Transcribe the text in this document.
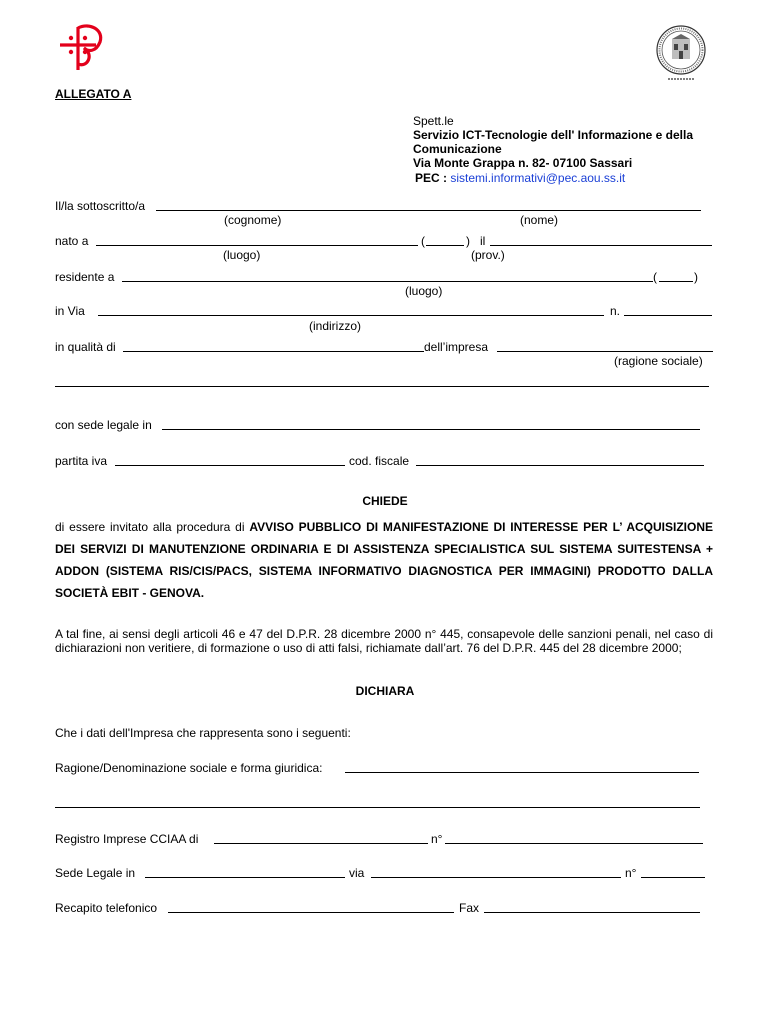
ALLEGATO A
Spett.le
Servizio ICT-Tecnologie dell' Informazione e della
Comunicazione
Via Monte Grappa n. 82- 07100 Sassari
PEC : sistemi.informativi@pec.aou.ss.it
Il/la sottoscritto/a
(cognome)	(nome)
nato a	(	) il
(luogo)	(prov.)
residente a	(	)
(luogo)
in Via	n.
(indirizzo)
in qualità di	dell’impresa
(ragione sociale)
con sede legale in
partita iva	cod. fiscale
CHIEDE
di essere invitato alla procedura di AVVISO PUBBLICO DI MANIFESTAZIONE DI INTERESSE PER L’ ACQUISIZIONE DEI SERVIZI DI MANUTENZIONE ORDINARIA E DI ASSISTENZA SPECIALISTICA SUL SISTEMA SUITESTENSA + ADDON (SISTEMA RIS/CIS/PACS, SISTEMA INFORMATIVO DIAGNOSTICA PER IMMAGINI) PRODOTTO DALLA SOCIETÀ EBIT - GENOVA.
A tal fine, ai sensi degli articoli 46 e 47 del D.P.R. 28 dicembre 2000 n° 445, consapevole delle sanzioni penali, nel caso di dichiarazioni non veritiere, di formazione o uso di atti falsi, richiamate dall’art. 76 del D.P.R. 445 del 28 dicembre 2000;
DICHIARA
Che i dati dell'Impresa che rappresenta sono i seguenti:
Ragione/Denominazione sociale e forma giuridica:
Registro Imprese CCIAA di	n°
Sede Legale in	via	n°
Recapito telefonico	Fax
